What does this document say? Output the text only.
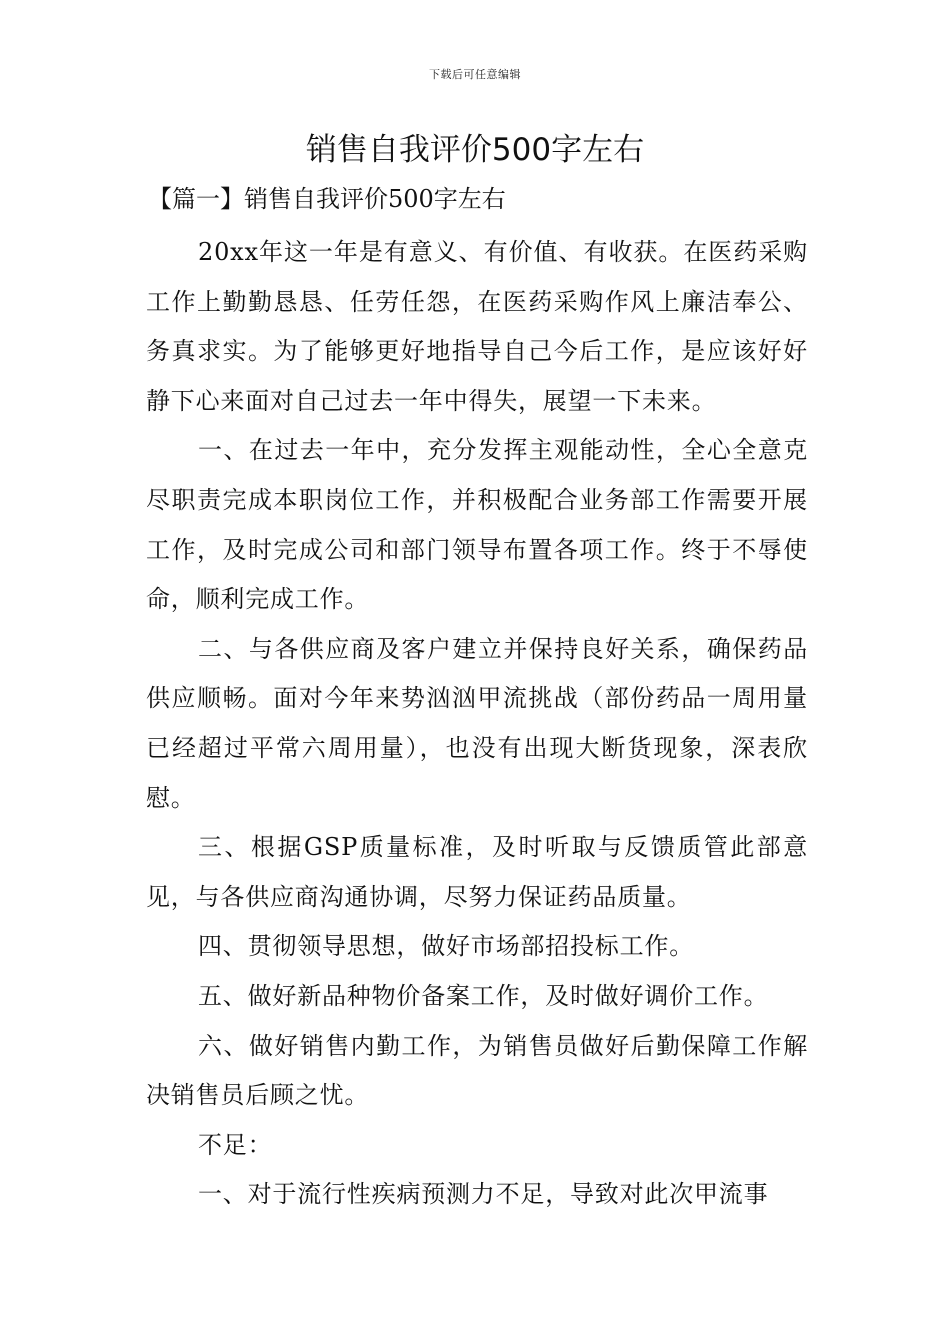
下载后可任意编辑
销售自我评价500字左右

【篇一】销售自我评价500字左右

20xx年这一年是有意义、有价值、有收获。在医药采购工作上勤勤恳恳、任劳任怨，在医药采购作风上廉洁奉公、务真求实。为了能够更好地指导自己今后工作，是应该好好静下心来面对自己过去一年中得失，展望一下未来。

一、在过去一年中，充分发挥主观能动性，全心全意克尽职责完成本职岗位工作，并积极配合业务部工作需要开展工作，及时完成公司和部门领导布置各项工作。终于不辱使命，顺利完成工作。

二、与各供应商及客户建立并保持良好关系，确保药品供应顺畅。面对今年来势汹汹甲流挑战（部份药品一周用量已经超过平常六周用量），也没有出现大断货现象，深表欣慰。

三、根据GSP质量标准，及时听取与反馈质管此部意见，与各供应商沟通协调，尽努力保证药品质量。

四、贯彻领导思想，做好市场部招投标工作。

五、做好新品种物价备案工作，及时做好调价工作。

六、做好销售内勤工作，为销售员做好后勤保障工作解决销售员后顾之忧。

不足：

一、对于流行性疾病预测力不足，导致对此次甲流事
